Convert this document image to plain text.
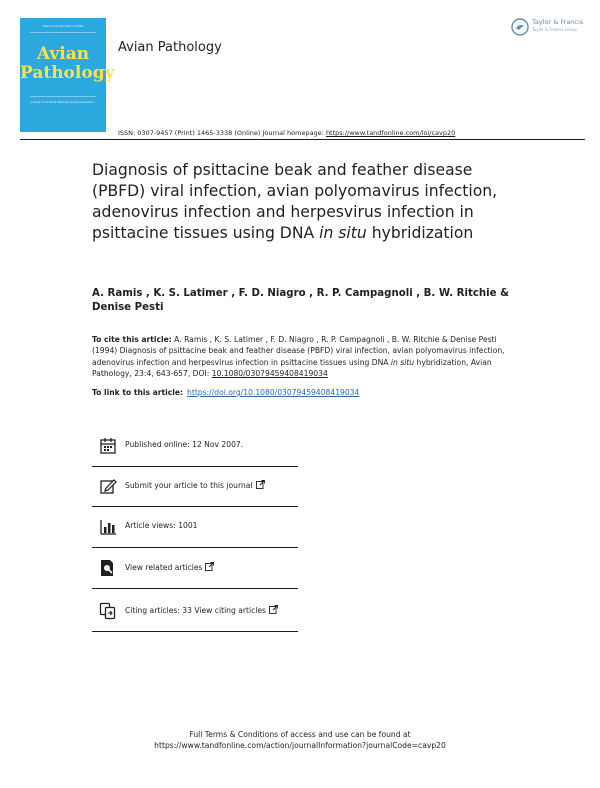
Volume 23 Number 4 1994
Avian
Pathology
Journal of the World Veterinary Poultry Association
Avian Pathology
Taylor & Francis
Taylor & Francis Group
ISSN: 0307-9457 (Print) 1465-3338 (Online) Journal homepage: https://www.tandfonline.com/loi/cavp20
Diagnosis of psittacine beak and feather disease (PBFD) viral infection, avian polyomavirus infection, adenovirus infection and herpesvirus infection in psittacine tissues using DNA in situ hybridization
A. Ramis , K. S. Latimer , F. D. Niagro , R. P. Campagnoli , B. W. Ritchie & Denise Pesti
To cite this article: A. Ramis , K. S. Latimer , F. D. Niagro , R. P. Campagnoli , B. W. Ritchie & Denise Pesti (1994) Diagnosis of psittacine beak and feather disease (PBFD) viral infection, avian polyomavirus infection, adenovirus infection and herpesvirus infection in psittacine tissues using DNA in situ hybridization, Avian Pathology, 23:4, 643-657, DOI: 10.1080/03079459408419034
To link to this article: https://doi.org/10.1080/03079459408419034
Published online: 12 Nov 2007.
Submit your article to this journal
Article views: 1001
View related articles
Citing articles: 33 View citing articles
Full Terms & Conditions of access and use can be found at
https://www.tandfonline.com/action/journalInformation?journalCode=cavp20
